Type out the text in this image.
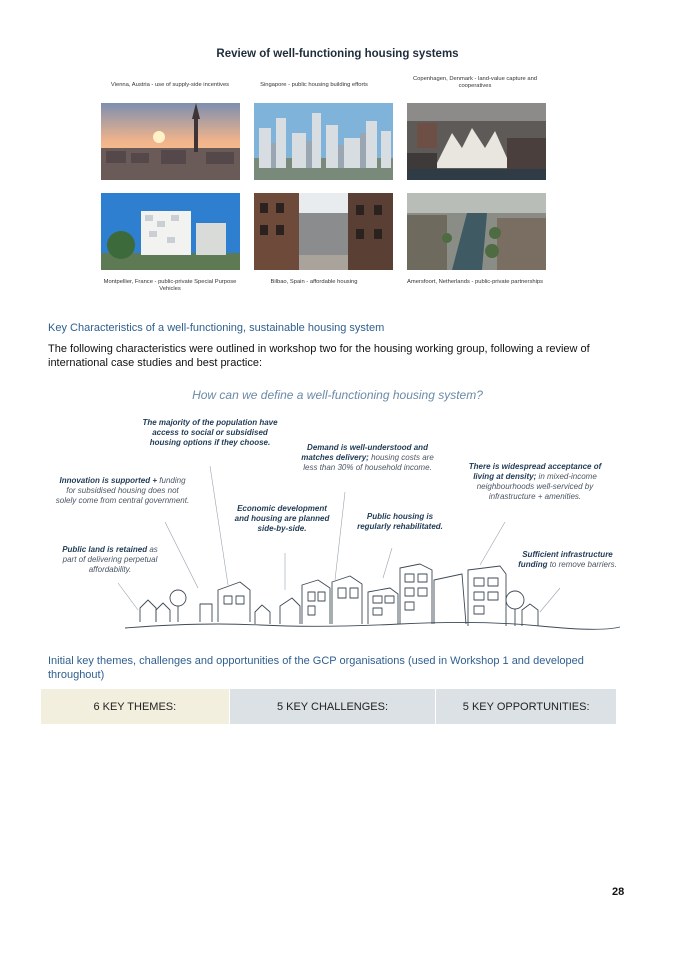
Review of well-functioning housing systems
Vienna, Austria - use of supply-side incentives	Singapore - public housing building efforts
Copenhagen, Denmark - land-value capture and cooperatives
Montpellier, France - public-private Special Purpose Vehicles
Bilbao, Spain - affordable housing	Amersfoort, Netherlands - public-private partnerships
Key Characteristics of a well-functioning, sustainable housing system
The following characteristics were outlined in workshop two for the housing working group, following a review of international case studies and best practice:
How can we define a well-functioning housing system?
The majority of the population have access to social or subsidised housing options if they choose.
Demand is well-understood and matches delivery; housing costs are less than 30% of household income.	There is widespread acceptance of living at density; in mixed-income neighbourhoods well-serviced by infrastructure + amenities.
Innovation is supported + funding for subsidised housing does not solely come from central government.
Economic development and housing are planned side-by-side.
Public housing is regularly rehabilitated.
Public land is retained as part of delivering perpetual affordability.
Sufficient infrastructure funding to remove barriers.
Initial key themes, challenges and opportunities of the GCP organisations (used in Workshop 1 and developed throughout)
6 KEY THEMES:	5 KEY CHALLENGES:	5 KEY OPPORTUNITIES:
28
